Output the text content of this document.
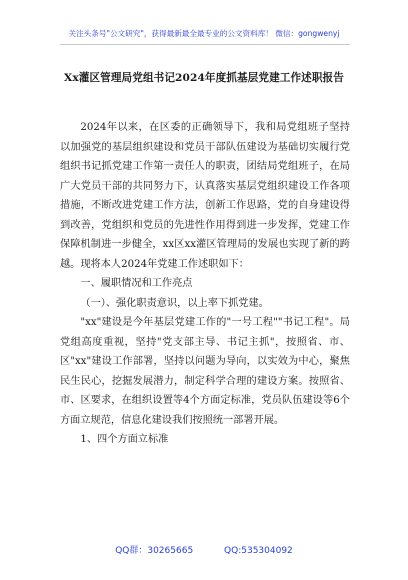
关注头条号"公文研究"，获得最新最全最专业的公文资料库！ 微信：gongwenyj
Xx灌区管理局党组书记2024年度抓基层党建工作述职报告

2024年以来，在区委的正确领导下，我和局党组班子坚持以加强党的基层组织建设和党员干部队伍建设为基础切实履行党组织书记抓党建工作第一责任人的职责，团结局党组班子，在局广大党员干部的共同努力下，认真落实基层党组织建设工作各项措施，不断改进党建工作方法，创新工作思路，党的自身建设得到改善，党组织和党员的先进性作用得到进一步发挥，党建工作保障机制进一步健全，xx区xx灌区管理局的发展也实现了新的跨越。现将本人2024年党建工作述职如下：

一、履职情况和工作亮点

（一）、强化职责意识，以上率下抓党建。

"xx"建设是今年基层党建工作的"一号工程""书记工程"。局党组高度重视，坚持"党支部主导、书记主抓"，按照省、市、区"xx"建设工作部署，坚持以问题为导向，以实效为中心，聚焦民生民心，挖掘发展潜力，制定科学合理的建设方案。按照省、市、区要求，在组织设置等4个方面定标准，党员队伍建设等6个方面立规范，信息化建设我们按照统一部署开展。

1、四个方面立标准

QQ群：30265665	QQ:535304092
